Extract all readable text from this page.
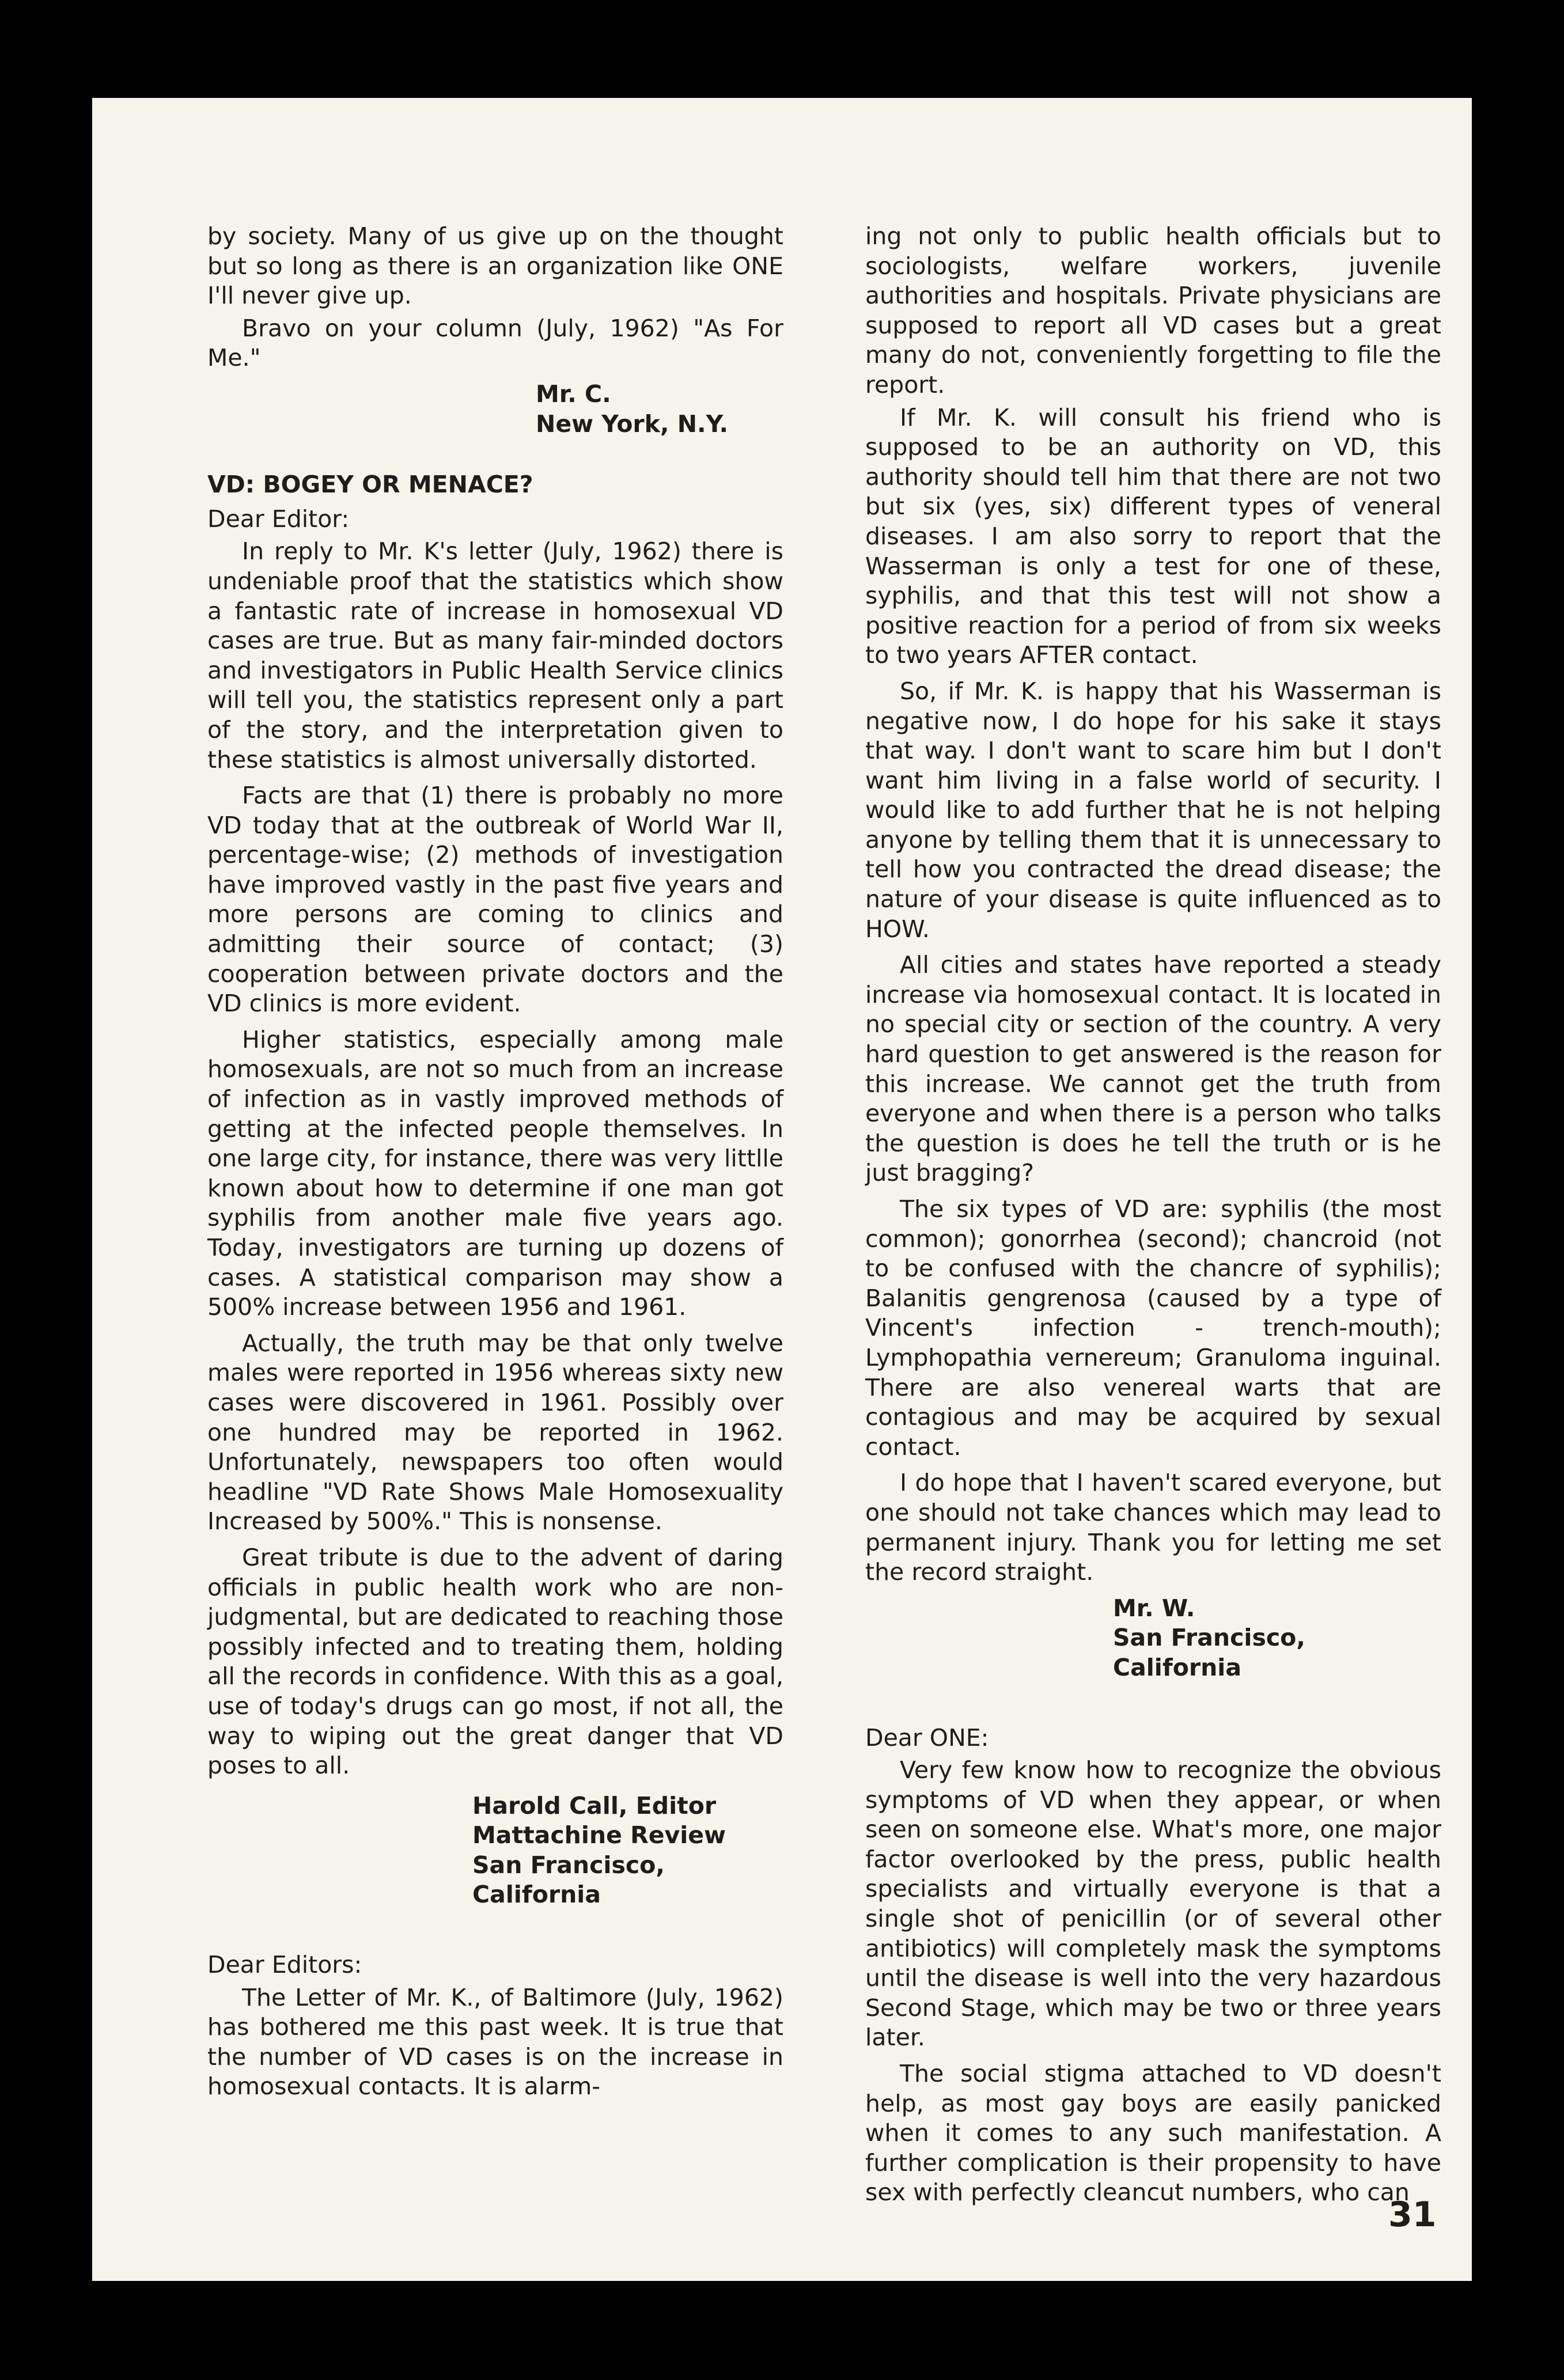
by society. Many of us give up on the thought but so long as there is an organization like ONE I'll never give up.

Bravo on your column (July, 1962) "As For Me."

Mr. C.
New York, N.Y.
VD: BOGEY OR MENACE?

Dear Editor:

In reply to Mr. K's letter (July, 1962) there is undeniable proof that the statistics which show a fantastic rate of increase in homosexual VD cases are true. But as many fair-minded doctors and investigators in Public Health Service clinics will tell you, the statistics represent only a part of the story, and the interpretation given to these statistics is almost universally distorted.

Facts are that (1) there is probably no more VD today that at the outbreak of World War II, percentage-wise; (2) methods of investigation have improved vastly in the past five years and more persons are coming to clinics and admitting their source of contact; (3) cooperation between private doctors and the VD clinics is more evident.

Higher statistics, especially among male homosexuals, are not so much from an increase of infection as in vastly improved methods of getting at the infected people themselves. In one large city, for instance, there was very littlle known about how to determine if one man got syphilis from another male five years ago. Today, investigators are turning up dozens of cases. A statistical comparison may show a 500% increase between 1956 and 1961.

Actually, the truth may be that only twelve males were reported in 1956 whereas sixty new cases were discovered in 1961. Possibly over one hundred may be reported in 1962. Unfortunately, newspapers too often would headline "VD Rate Shows Male Homosexuality Increased by 500%." This is nonsense.

Great tribute is due to the advent of daring officials in public health work who are non-judgmental, but are dedicated to reaching those possibly infected and to treating them, holding all the records in confidence. With this as a goal, use of today's drugs can go most, if not all, the way to wiping out the great danger that VD poses to all.

Harold Call, Editor
Mattachine Review
San Francisco, California

Dear Editors:

The Letter of Mr. K., of Baltimore (July, 1962) has bothered me this past week. It is true that the number of VD cases is on the increase in homosexual contacts. It is alarm-

ing not only to public health officials but to sociologists, welfare workers, juvenile authorities and hospitals. Private physicians are supposed to report all VD cases but a great many do not, conveniently forgetting to file the report.

If Mr. K. will consult his friend who is supposed to be an authority on VD, this authority should tell him that there are not two but six (yes, six) different types of veneral diseases. I am also sorry to report that the Wasserman is only a test for one of these, syphilis, and that this test will not show a positive reaction for a period of from six weeks to two years AFTER contact.

So, if Mr. K. is happy that his Wasserman is negative now, I do hope for his sake it stays that way. I don't want to scare him but I don't want him living in a false world of security. I would like to add further that he is not helping anyone by telling them that it is unnecessary to tell how you contracted the dread disease; the nature of your disease is quite influenced as to HOW.

All cities and states have reported a steady increase via homosexual contact. It is located in no special city or section of the country. A very hard question to get answered is the reason for this increase. We cannot get the truth from everyone and when there is a person who talks the question is does he tell the truth or is he just bragging?

The six types of VD are: syphilis (the most common); gonorrhea (second); chancroid (not to be confused with the chancre of syphilis); Balanitis gengrenosa (caused by a type of Vincent's infection - trench-mouth); Lymphopathia vernereum; Granuloma inguinal. There are also venereal warts that are contagious and may be acquired by sexual contact.

I do hope that I haven't scared everyone, but one should not take chances which may lead to permanent injury. Thank you for letting me set the record straight.

Mr. W.
San Francisco, California

Dear ONE:

Very few know how to recognize the obvious symptoms of VD when they appear, or when seen on someone else. What's more, one major factor overlooked by the press, public health specialists and virtually everyone is that a single shot of penicillin (or of several other antibiotics) will completely mask the symptoms until the disease is well into the very hazardous Second Stage, which may be two or three years later.

The social stigma attached to VD doesn't help, as most gay boys are easily panicked when it comes to any such manifestation. A further complication is their propensity to have sex with perfectly cleancut numbers, who can

31
